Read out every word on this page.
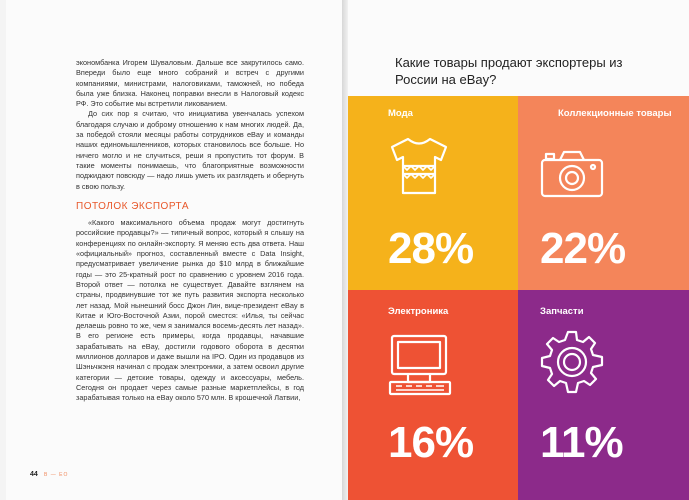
экономбанка Игорем Шуваловым. Дальше все закрутилось само. Впереди было еще много собраний и встреч с другими компаниями, министрами, налоговиками, таможней, но победа была уже близка. Наконец поправки внесли в Налоговый кодекс РФ. Это событие мы встретили ликованием.

До сих пор я считаю, что инициатива увенчалась успехом благодаря случаю и доброму отношению к нам многих людей. Да, за победой стояли месяцы работы сотрудников eBay и команды наших единомышленников, которых становилось все больше. Но ничего могло и не случиться, реши я пропустить тот форум. В такие моменты понимаешь, что благоприятные возможности поджидают повсюду — надо лишь уметь их разглядеть и обернуть в свою пользу.

ПОТОЛОК ЭКСПОРТА

«Какого максимального объема продаж могут достигнуть российские продавцы?» — типичный вопрос, который я слышу на конференциях по онлайн-экспорту. Я меняю есть два ответа. Наш «официальный» прогноз, составленный вместе с Data Insight, предусматривает увеличение рынка до $10 млрд в ближайшие годы — это 25-кратный рост по сравнению с уровнем 2016 года. Второй ответ — потолка не существует. Давайте взглянем на страны, продвинувшие тот же путь развития экспорта несколько лет назад. Мой нынешний босс Джон Лин, вице-президент eBay в Китае и Юго-Восточной Азии, порой сместся: «Илья, ты сейчас делаешь ровно то же, чем я занимался восемь-десять лет назад». В его регионе есть примеры, когда продавцы, начавшие зарабатывать на eBay, достигли годового оборота в десятки миллионов долларов и даже вышли на IPO. Один из продавцов из Шэньчжэня начинал с продаж электроники, а затем освоил другие категории — детские товары, одежду и аксессуары, мебель. Сегодня он продает через самые разные маркетплейсы, в год зарабатывая только на eBay около 570 млн. В крошечной Латвии,

44 В — ЕО
Какие товары продают экспортеры из России на eBay?
Мода
28%
Коллекционные товары
22%
Электроника
16%
Запчасти
11%
